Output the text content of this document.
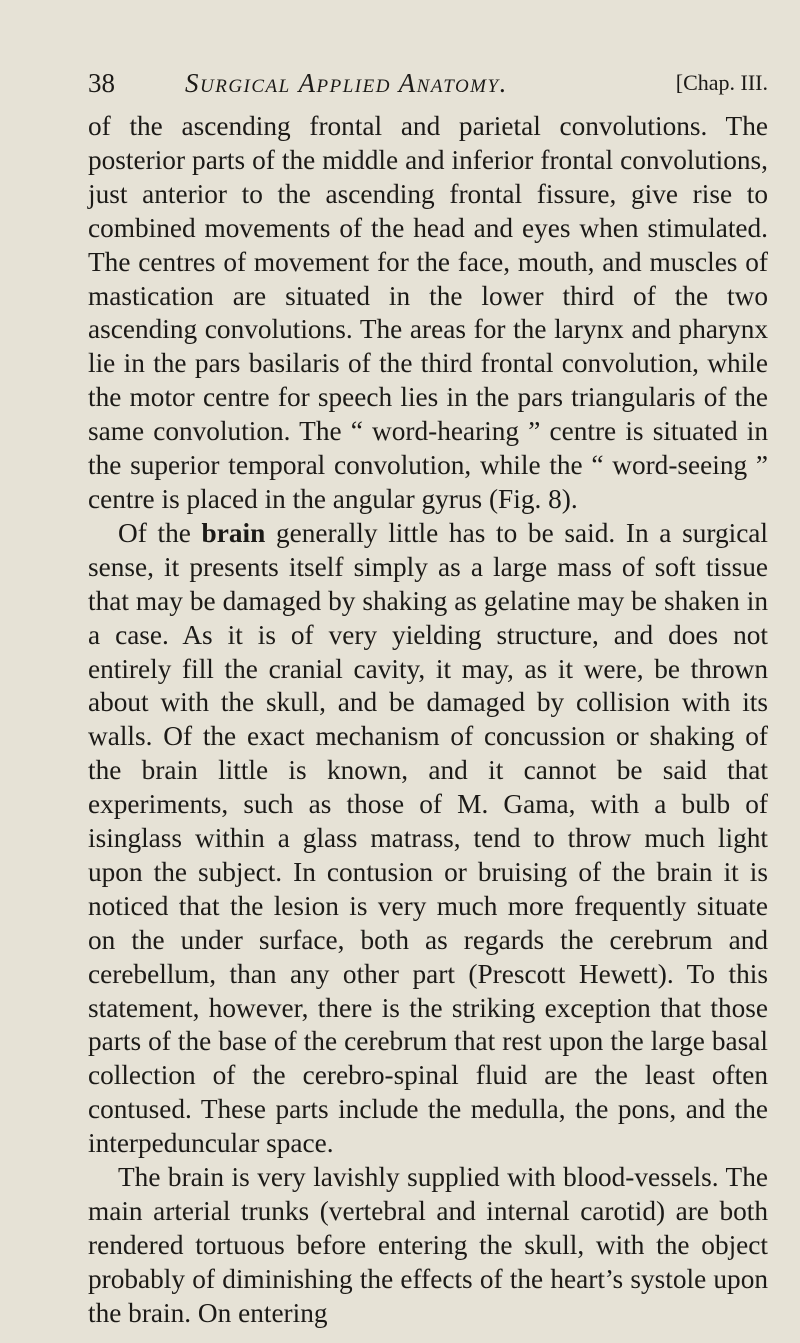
38	Surgical Applied Anatomy.	[Chap. III.

of the ascending frontal and parietal convolutions. The posterior parts of the middle and inferior frontal convolutions, just anterior to the ascending frontal fissure, give rise to combined movements of the head and eyes when stimulated. The centres of movement for the face, mouth, and muscles of mastication are situated in the lower third of the two ascending convolutions. The areas for the larynx and pharynx lie in the pars basilaris of the third frontal convolution, while the motor centre for speech lies in the pars triangularis of the same convolution. The “ word-hearing ” centre is situated in the superior temporal convolution, while the “ word-seeing ” centre is placed in the angular gyrus (Fig. 8).

Of the brain generally little has to be said. In a surgical sense, it presents itself simply as a large mass of soft tissue that may be damaged by shaking as gelatine may be shaken in a case. As it is of very yielding structure, and does not entirely fill the cranial cavity, it may, as it were, be thrown about with the skull, and be damaged by collision with its walls. Of the exact mechanism of concussion or shaking of the brain little is known, and it cannot be said that experiments, such as those of M. Gama, with a bulb of isinglass within a glass matrass, tend to throw much light upon the subject. In contusion or bruising of the brain it is noticed that the lesion is very much more frequently situate on the under surface, both as regards the cerebrum and cerebellum, than any other part (Prescott Hewett). To this statement, however, there is the striking exception that those parts of the base of the cerebrum that rest upon the large basal collection of the cerebro-spinal fluid are the least often contused. These parts include the medulla, the pons, and the interpeduncular space.

The brain is very lavishly supplied with blood-vessels. The main arterial trunks (vertebral and internal carotid) are both rendered tortuous before entering the skull, with the object probably of diminishing the effects of the heart’s systole upon the brain. On entering
